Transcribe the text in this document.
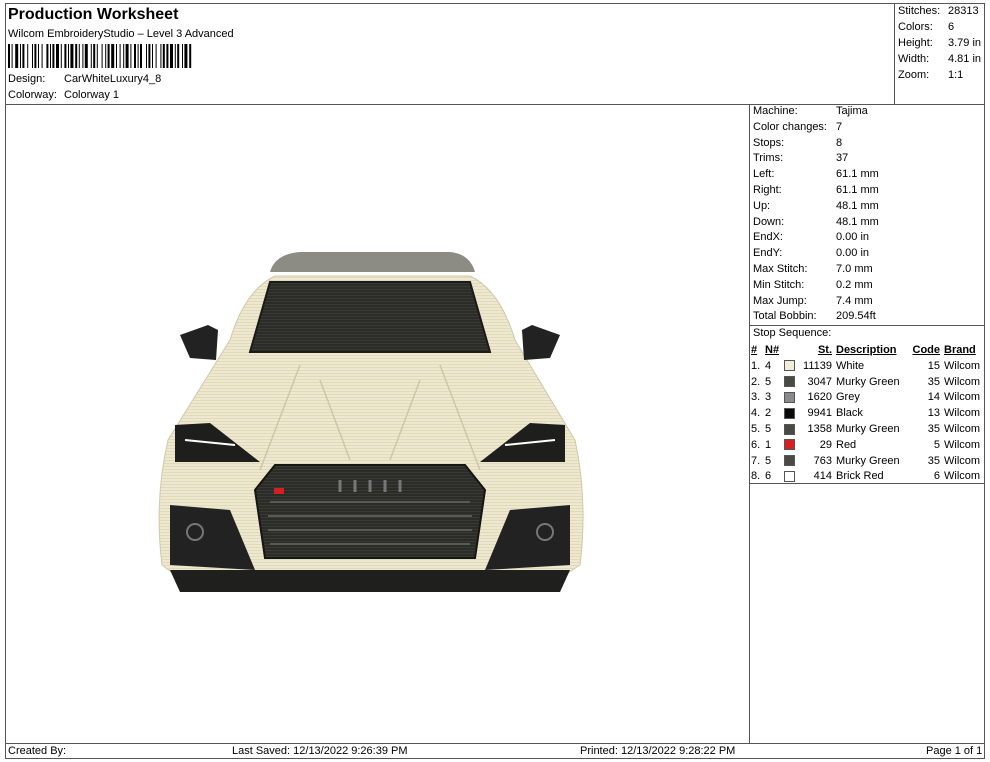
Production Worksheet
Wilcom EmbroideryStudio – Level 3 Advanced
Design: CarWhiteLuxury4_8
Colorway: Colorway 1
Stitches: 28313
Colors: 6
Height: 3.79 in
Width: 4.81 in
Zoom: 1:1
Machine:	Tajima
Color changes: 7
Stops:	8
Trims:	37
Left:	61.1 mm
Right:	61.1 mm
Up:	48.1 mm
Down:	48.1 mm
EndX:	0.00 in
EndY:	0.00 in
Max Stitch:	7.0 mm
Min Stitch:	0.2 mm
Max Jump:	7.4 mm
Total Bobbin: 209.54ft
Stop Sequence:
#	N#		St.	Description	Code	Brand
1.	4		11139	White	15	Wilcom
2.	5		3047	Murky Green	35	Wilcom
3.	3		1620	Grey	14	Wilcom
4.	2		9941	Black	13	Wilcom
5.	5		1358	Murky Green	35	Wilcom
6.	1		29	Red	5	Wilcom
7.	5		763	Murky Green	35	Wilcom
8.	6		414	Brick Red	6	Wilcom
Created By:	Last Saved: 12/13/2022 9:26:39 PM	Printed: 12/13/2022 9:28:22 PM	Page 1 of 1
